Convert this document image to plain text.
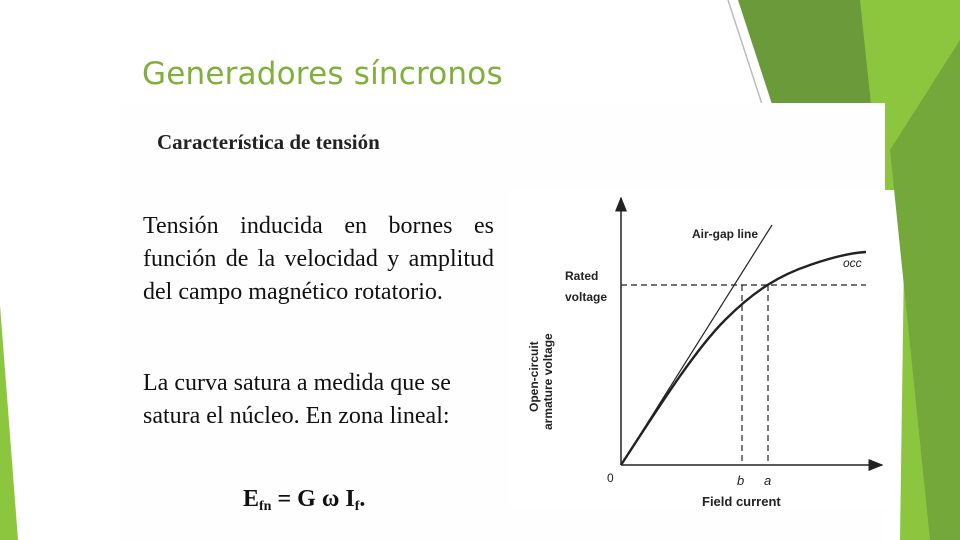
Generadores síncronos
Característica de tensión
Tensión inducida en bornes es función de la velocidad y amplitud del campo magnético rotatorio.
La curva satura a medida que se satura el núcleo. En zona lineal:
$E_{fn} = G$ ω $I_f$.
Open-circuit armature voltage
Field current
Rated
voltage
Air-gap line
occ
0	b a
